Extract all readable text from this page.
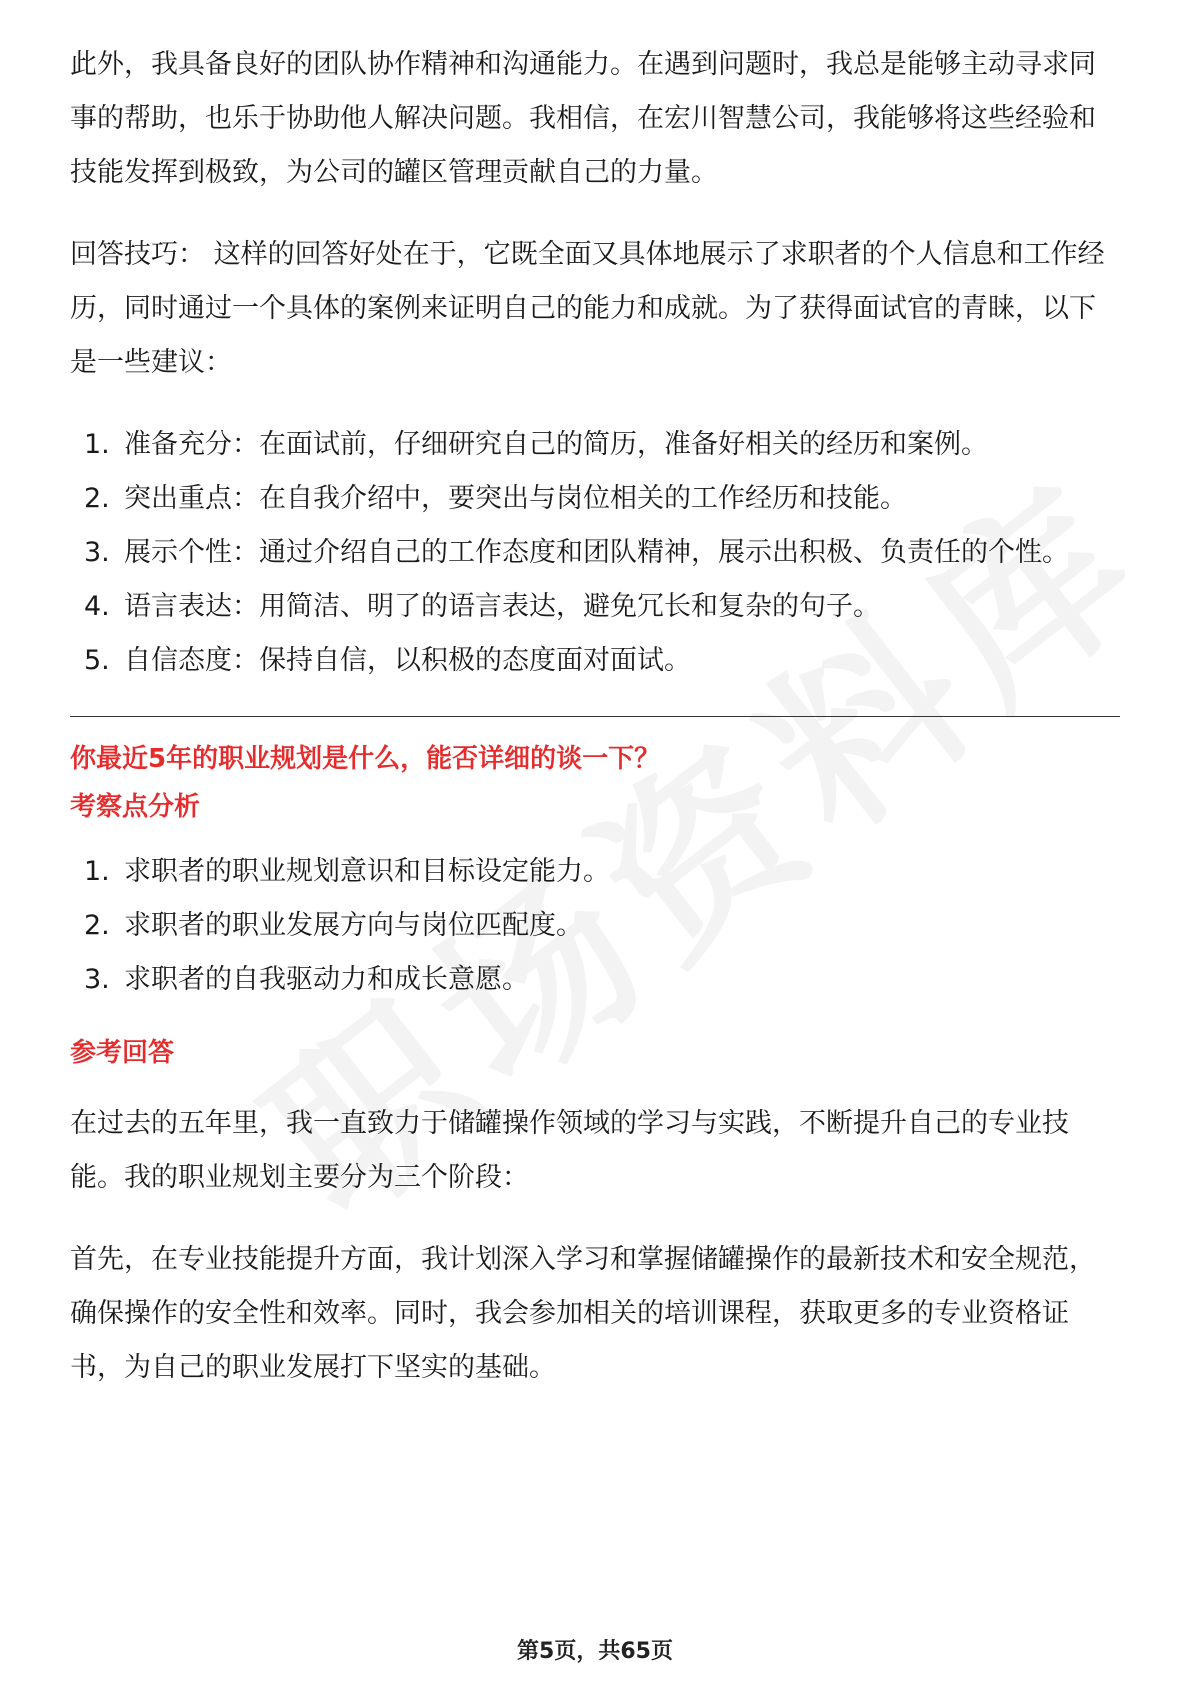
此外，我具备良好的团队协作精神和沟通能力。在遇到问题时，我总是能够主动寻求同事的帮助，也乐于协助他人解决问题。我相信，在宏川智慧公司，我能够将这些经验和技能发挥到极致，为公司的罐区管理贡献自己的力量。

回答技巧： 这样的回答好处在于，它既全面又具体地展示了求职者的个人信息和工作经历，同时通过一个具体的案例来证明自己的能力和成就。为了获得面试官的青睐，以下是一些建议：

1. 准备充分：在面试前，仔细研究自己的简历，准备好相关的经历和案例。
2. 突出重点：在自我介绍中，要突出与岗位相关的工作经历和技能。
3. 展示个性：通过介绍自己的工作态度和团队精神，展示出积极、负责任的个性。
4. 语言表达：用简洁、明了的语言表达，避免冗长和复杂的句子。
5. 自信态度：保持自信，以积极的态度面对面试。
你最近5年的职业规划是什么，能否详细的谈一下？
考察点分析
1. 求职者的职业规划意识和目标设定能力。
2. 求职者的职业发展方向与岗位匹配度。
3. 求职者的自我驱动力和成长意愿。
参考回答

在过去的五年里，我一直致力于储罐操作领域的学习与实践，不断提升自己的专业技能。我的职业规划主要分为三个阶段：

首先，在专业技能提升方面，我计划深入学习和掌握储罐操作的最新技术和安全规范，确保操作的安全性和效率。同时，我会参加相关的培训课程，获取更多的专业资格证书，为自己的职业发展打下坚实的基础。

第5页，共65页
